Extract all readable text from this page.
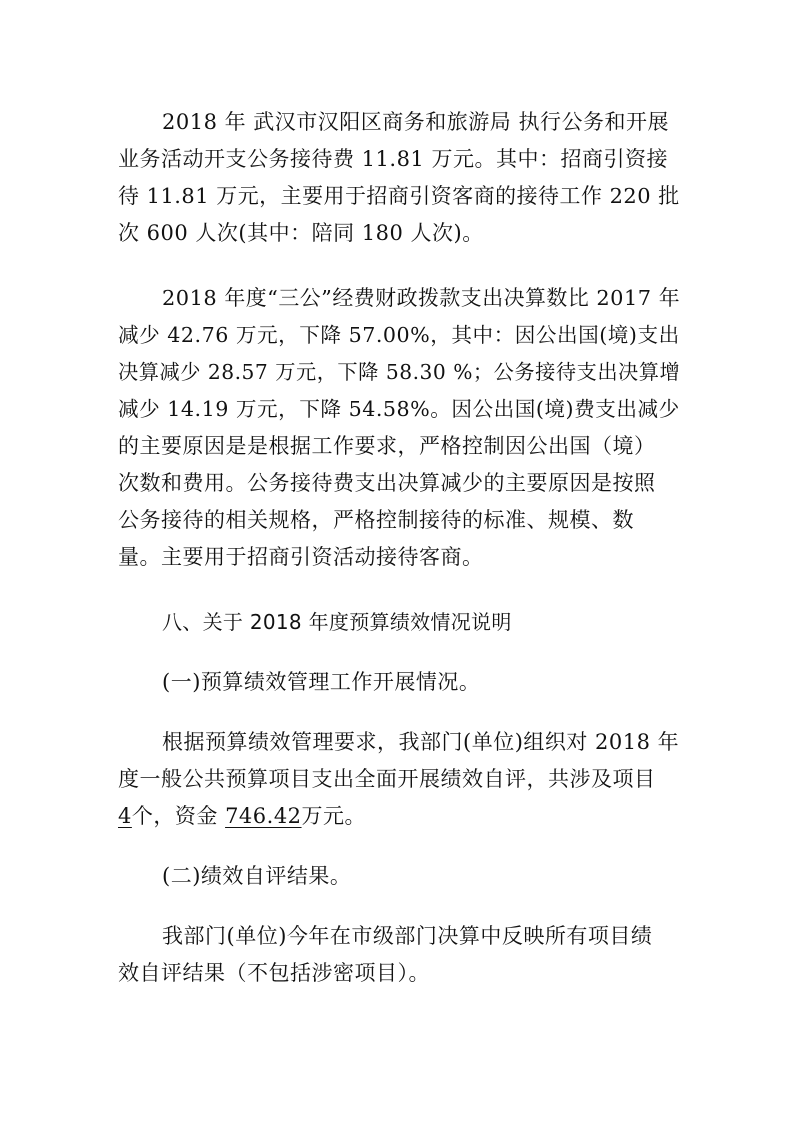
2018 年 武汉市汉阳区商务和旅游局 执行公务和开展
业务活动开支公务接待费 11.81 万元。其中：招商引资接
待 11.81 万元，主要用于招商引资客商的接待工作 220 批
次 600 人次(其中：陪同 180 人次)。
2018 年度“三公”经费财政拨款支出决算数比 2017 年
减少 42.76 万元，下降 57.00%，其中：因公出国(境)支出
决算减少 28.57 万元，下降 58.30 %；公务接待支出决算增
减少 14.19 万元，下降 54.58%。因公出国(境)费支出减少
的主要原因是是根据工作要求，严格控制因公出国（境）
次数和费用。公务接待费支出决算减少的主要原因是按照
公务接待的相关规格，严格控制接待的标准、规模、数
量。主要用于招商引资活动接待客商。
八、关于 2018 年度预算绩效情况说明
(一)预算绩效管理工作开展情况。
根据预算绩效管理要求，我部门(单位)组织对 2018 年
度一般公共预算项目支出全面开展绩效自评，共涉及项目
4个，资金 746.42万元。
(二)绩效自评结果。
我部门(单位)今年在市级部门决算中反映所有项目绩
效自评结果（不包括涉密项目）。
